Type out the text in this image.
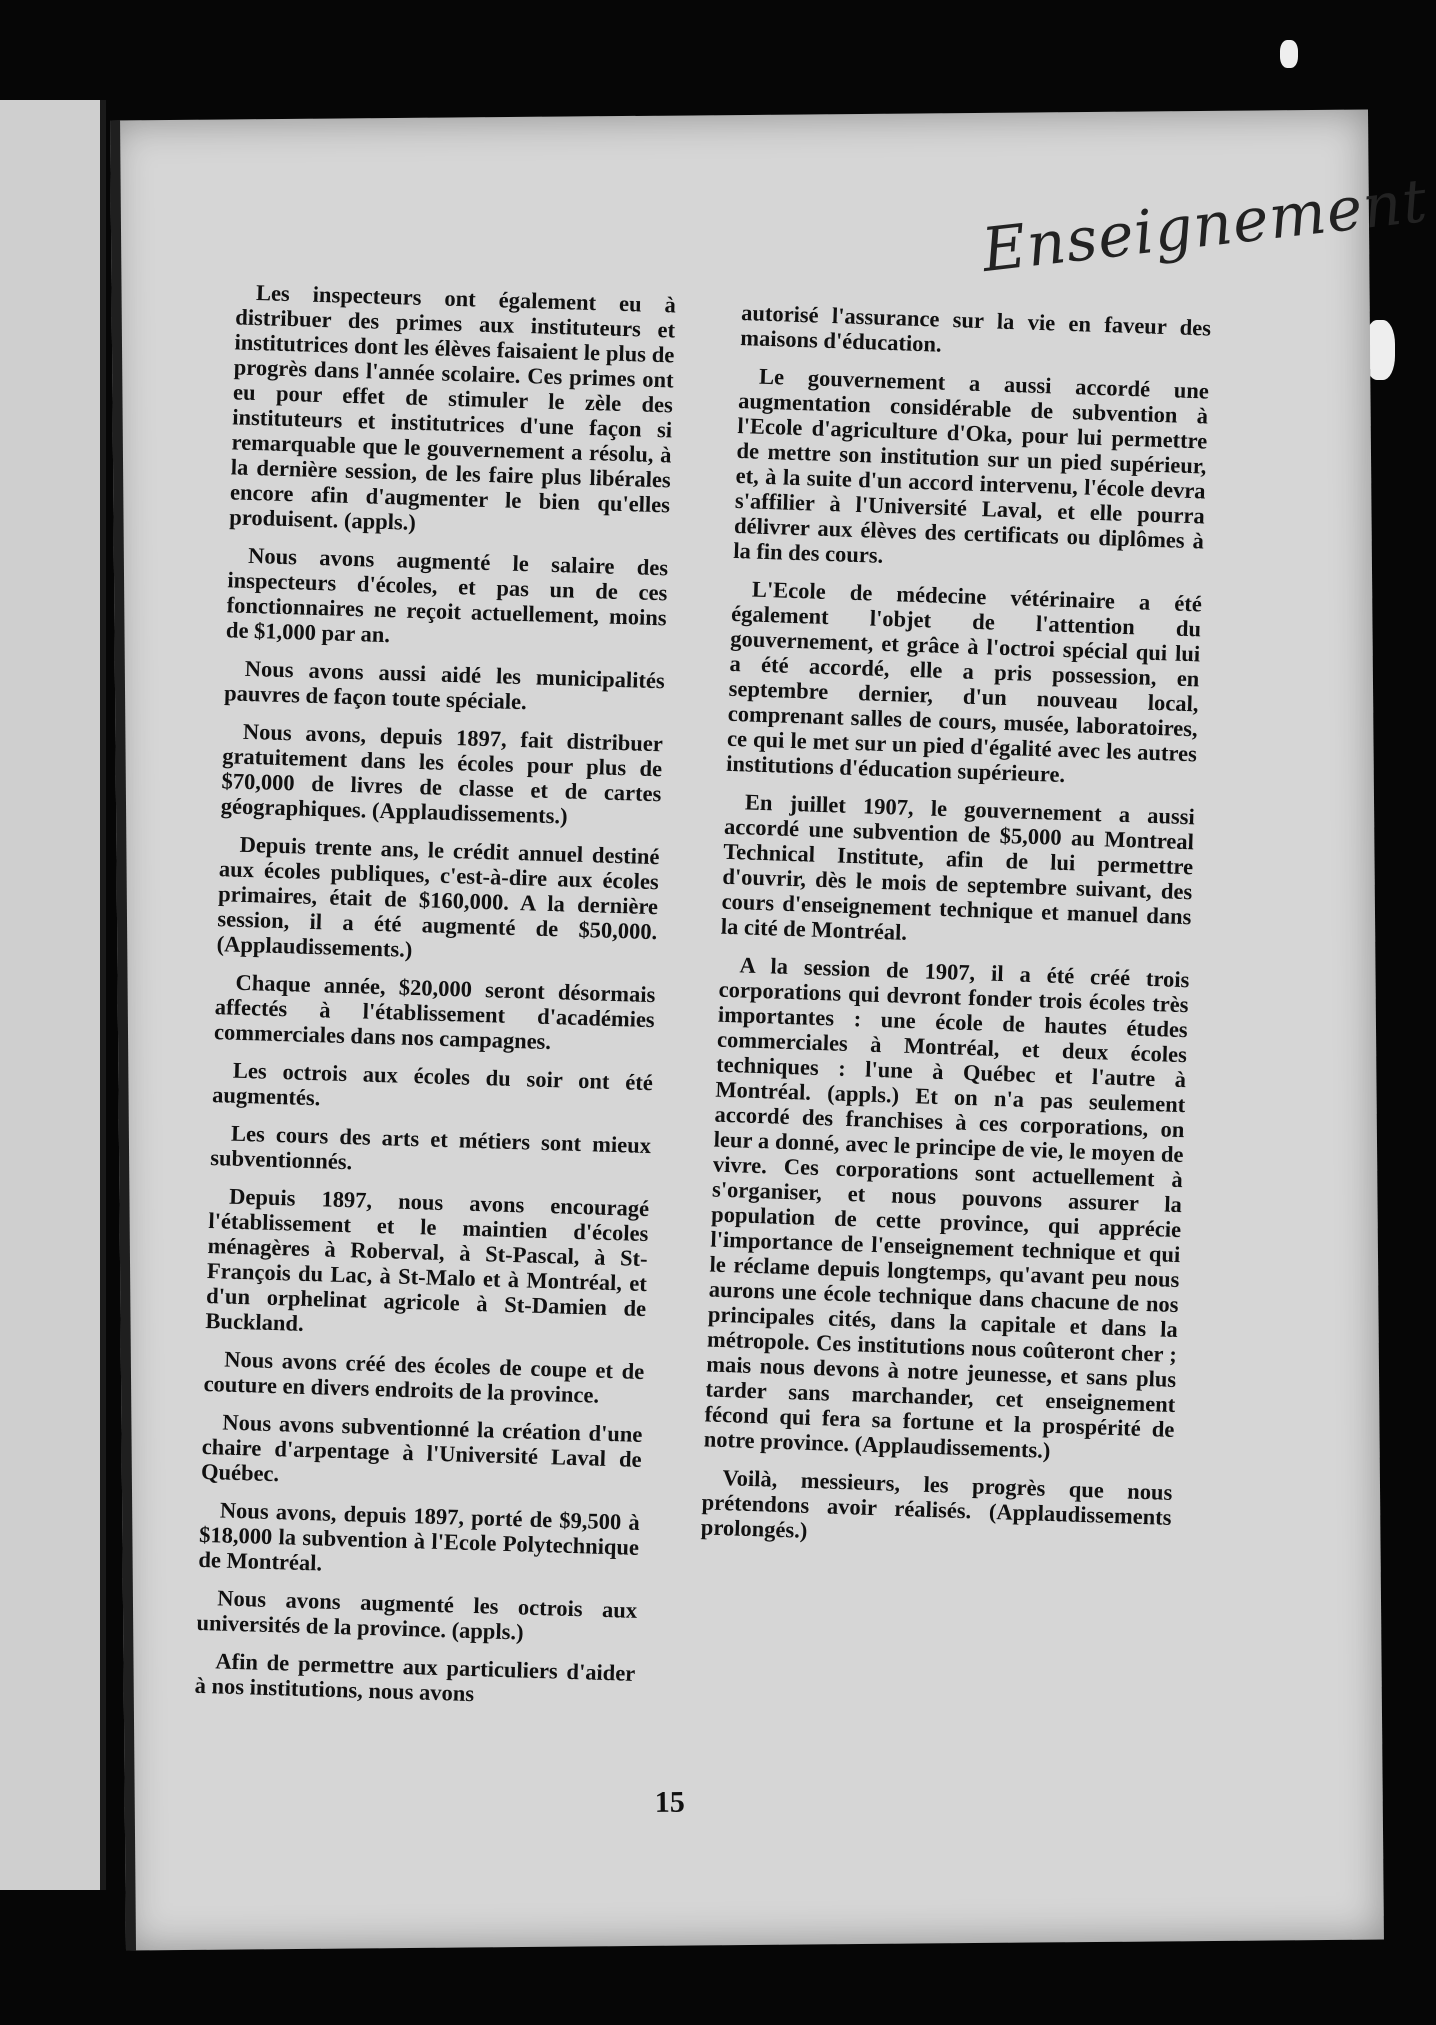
Enseignement

Les inspecteurs ont également eu à distribuer des primes aux instituteurs et institutrices dont les élèves faisaient le plus de progrès dans l'année scolaire. Ces primes ont eu pour effet de stimuler le zèle des instituteurs et institutrices d'une façon si remarquable que le gouvernement a résolu, à la dernière session, de les faire plus libérales encore afin d'augmenter le bien qu'elles produisent. (appls.)

Nous avons augmenté le salaire des inspecteurs d'écoles, et pas un de ces fonctionnaires ne reçoit actuellement, moins de $1,000 par an.

Nous avons aussi aidé les municipalités pauvres de façon toute spéciale.

Nous avons, depuis 1897, fait distribuer gratuitement dans les écoles pour plus de $70,000 de livres de classe et de cartes géographiques. (Applaudissements.)

Depuis trente ans, le crédit annuel destiné aux écoles publiques, c'est-à-dire aux écoles primaires, était de $160,000. A la dernière session, il a été augmenté de $50,000. (Applaudissements.)

Chaque année, $20,000 seront désormais affectés à l'établissement d'académies commerciales dans nos campagnes.

Les octrois aux écoles du soir ont été augmentés.

Les cours des arts et métiers sont mieux subventionnés.

Depuis 1897, nous avons encouragé l'établissement et le maintien d'écoles ménagères à Roberval, à St-Pascal, à St-François du Lac, à St-Malo et à Montréal, et d'un orphelinat agricole à St-Damien de Buckland.

Nous avons créé des écoles de coupe et de couture en divers endroits de la province.

Nous avons subventionné la création d'une chaire d'arpentage à l'Université Laval de Québec.

Nous avons, depuis 1897, porté de $9,500 à $18,000 la subvention à l'Ecole Polytechnique de Montréal.

Nous avons augmenté les octrois aux universités de la province. (appls.)

Afin de permettre aux particuliers d'aider à nos institutions, nous avons

autorisé l'assurance sur la vie en faveur des maisons d'éducation.

Le gouvernement a aussi accordé une augmentation considérable de subvention à l'Ecole d'agriculture d'Oka, pour lui permettre de mettre son institution sur un pied supérieur, et, à la suite d'un accord intervenu, l'école devra s'affilier à l'Université Laval, et elle pourra délivrer aux élèves des certificats ou diplômes à la fin des cours.

L'Ecole de médecine vétérinaire a été également l'objet de l'attention du gouvernement, et grâce à l'octroi spécial qui lui a été accordé, elle a pris possession, en septembre dernier, d'un nouveau local, comprenant salles de cours, musée, laboratoires, ce qui le met sur un pied d'égalité avec les autres institutions d'éducation supérieure.

En juillet 1907, le gouvernement a aussi accordé une subvention de $5,000 au Montreal Technical Institute, afin de lui permettre d'ouvrir, dès le mois de septembre suivant, des cours d'enseignement technique et manuel dans la cité de Montréal.

A la session de 1907, il a été créé trois corporations qui devront fonder trois écoles très importantes : une école de hautes études commerciales à Montréal, et deux écoles techniques : l'une à Québec et l'autre à Montréal. (appls.) Et on n'a pas seulement accordé des franchises à ces corporations, on leur a donné, avec le principe de vie, le moyen de vivre. Ces corporations sont actuellement à s'organiser, et nous pouvons assurer la population de cette province, qui apprécie l'importance de l'enseignement technique et qui le réclame depuis longtemps, qu'avant peu nous aurons une école technique dans chacune de nos principales cités, dans la capitale et dans la métropole. Ces institutions nous coûteront cher ; mais nous devons à notre jeunesse, et sans plus tarder sans marchander, cet enseignement fécond qui fera sa fortune et la prospérité de notre province. (Applaudissements.)

Voilà, messieurs, les progrès que nous prétendons avoir réalisés. (Applaudissements prolongés.)

15
